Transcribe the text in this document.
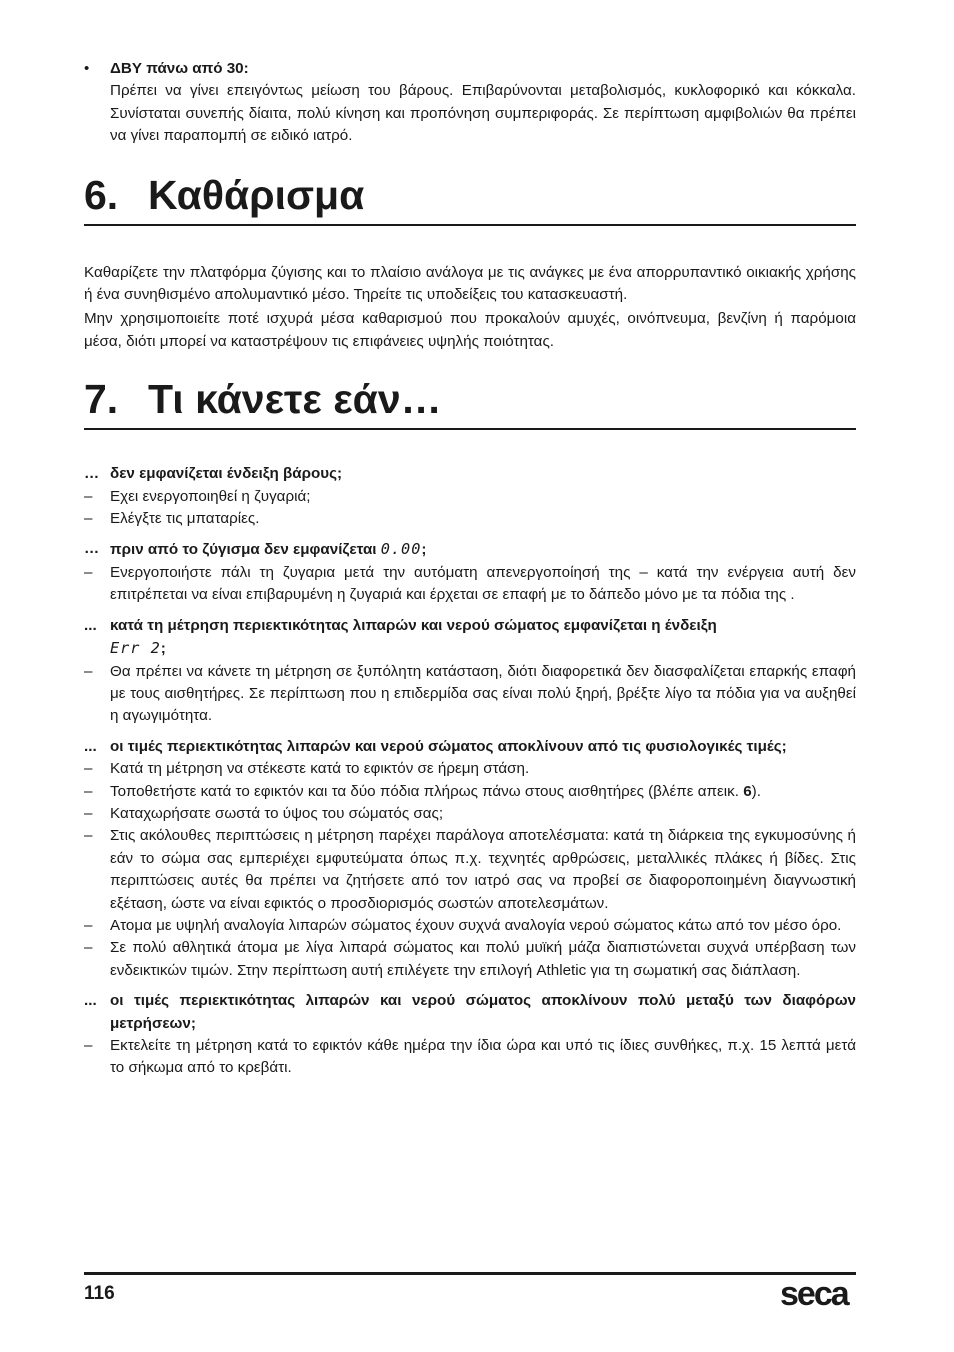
•	ΔΒΥ πάνω από 30:
Πρέπει να γίνει επειγόντως μείωση του βάρους. Επιβαρύνονται μεταβολισμός, κυκλοφορικό και κόκκαλα. Συνίσταται συνεπής δίαιτα, πολύ κίνηση και προπόνηση συμπεριφοράς. Σε περίπτωση αμφιβολιών θα πρέπει να γίνει παραπομπή σε ειδικό ιατρό.
6. Καθάρισμα

Καθαρίζετε την πλατφόρμα ζύγισης και το πλαίσιο ανάλογα με τις ανάγκες με ένα απορρυπαντικό οικιακής χρήσης ή ένα συνηθισμένο απολυμαντικό μέσο. Τηρείτε τις υποδείξεις του κατασκευαστή.

Μην χρησιμοποιείτε ποτέ ισχυρά μέσα καθαρισμού που προκαλούν αμυχές, οινόπνευμα, βενζίνη ή παρόμοια μέσα, διότι μπορεί να καταστρέψουν τις επιφάνειες υψηλής ποιότητας.

7. Τι κάνετε εάν…
… δεν εμφανίζεται ένδειξη βάρους;
–	Εχει ενεργοποιηθεί η ζυγαριά;
–	Ελέγξτε τις μπαταρίες.
… πριν από το ζύγισμα δεν εμφανίζεται 0.00;
–	Ενεργοποιήστε πάλι τη ζυγαρια μετά την αυτόματη απενεργοποίησή της – κατά την ενέργεια αυτή δεν επιτρέπεται να είναι επιβαρυμένη η ζυγαριά και έρχεται σε επαφή με το δάπεδο μόνο με τα πόδια της .
... κατά τη μέτρηση περιεκτικότητας λιπαρών και νερού σώματος εμφανίζεται η ένδειξη
Err 2;
–	Θα πρέπει να κάνετε τη μέτρηση σε ξυπόλητη κατάσταση, διότι διαφορετικά δεν διασφαλίζεται επαρκής επαφή με τους αισθητήρες. Σε περίπτωση που η επιδερμίδα σας είναι πολύ ξηρή, βρέξτε λίγο τα πόδια για να αυξηθεί η αγωγιμότητα.
... οι τιμές περιεκτικότητας λιπαρών και νερού σώματος αποκλίνουν από τις φυσιολογικές τιμές;
–	Κατά τη μέτρηση να στέκεστε κατά το εφικτόν σε ήρεμη στάση.
–	Τοποθετήστε κατά το εφικτόν και τα δύο πόδια πλήρως πάνω στους αισθητήρες (βλέπε απεικ. 6).
–	Καταχωρήσατε σωστά το ύψος του σώματός σας;
–	Στις ακόλουθες περιπτώσεις η μέτρηση παρέχει παράλογα αποτελέσματα: κατά τη διάρκεια της εγκυμοσύνης ή εάν το σώμα σας εμπεριέχει εμφυτεύματα όπως π.χ. τεχνητές αρθρώσεις, μεταλλικές πλάκες ή βίδες. Στις περιπτώσεις αυτές θα πρέπει να ζητήσετε από τον ιατρό σας να προβεί σε διαφοροποιημένη διαγνωστική εξέταση, ώστε να είναι εφικτός ο προσδιορισμός σωστών αποτελεσμάτων.
–	Ατομα με υψηλή αναλογία λιπαρών σώματος έχουν συχνά αναλογία νερού σώματος κάτω από τον μέσο όρο.
–	Σε πολύ αθλητικά άτομα με λίγα λιπαρά σώματος και πολύ μυϊκή μάζα διαπιστώνεται συχνά υπέρβαση των ενδεικτικών τιμών. Στην περίπτωση αυτή επιλέγετε την επιλογή Athletic για τη σωματική σας διάπλαση.
... οι τιμές περιεκτικότητας λιπαρών και νερού σώματος αποκλίνουν πολύ μεταξύ των διαφόρων μετρήσεων;
–	Εκτελείτε τη μέτρηση κατά το εφικτόν κάθε ημέρα την ίδια ώρα και υπό τις ίδιες συνθήκες, π.χ. 15 λεπτά μετά το σήκωμα από το κρεβάτι.
116	seca
